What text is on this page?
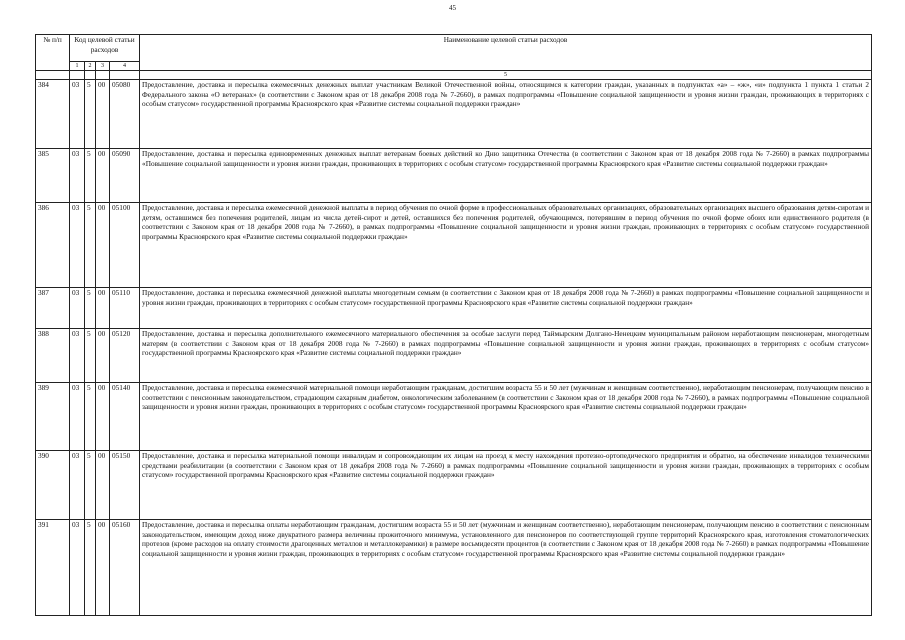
45
№ п/п	Код целевой статьи расходов				Наименование целевой статьи расходов
	1	2	3	4	
					5
384	03	5	00	05080	Предоставление, доставка и пересылка ежемесячных денежных выплат участникам Великой Отечественной войны, относящимся к категории граждан, указанных в подпунктах «а» – «ж», «и» подпункта 1 пункта 1 статьи 2 Федерального закона «О ветеранах» (в соответствии с Законом края от 18 декабря 2008 года № 7-2660), в рамках подпрограммы «Повышение социальной защищенности и уровня жизни граждан, проживающих в территориях с особым статусом» государственной программы Красноярского края «Развитие системы социальной поддержки граждан»
385	03	5	00	05090	Предоставление, доставка и пересылка единовременных денежных выплат ветеранам боевых действий ко Дню защитника Отечества (в соответствии с Законом края от 18 декабря 2008 года № 7-2660) в рамках подпрограммы «Повышение социальной защищенности и уровня жизни граждан, проживающих в территориях с особым статусом» государственной программы Красноярского края «Развитие системы социальной поддержки граждан»
386	03	5	00	05100	Предоставление, доставка и пересылка ежемесячной денежной выплаты в период обучения по очной форме в профессиональных образовательных организациях, образовательных организациях высшего образования детям-сиротам и детям, оставшимся без попечения родителей, лицам из числа детей-сирот и детей, оставшихся без попечения родителей, обучающимся, потерявшим в период обучения по очной форме обоих или единственного родителя (в соответствии с Законом края от 18 декабря 2008 года № 7-2660), в рамках подпрограммы «Повышение социальной защищенности и уровня жизни граждан, проживающих в территориях с особым статусом» государственной программы Красноярского края «Развитие системы социальной поддержки граждан»
387	03	5	00	05110	Предоставление, доставка и пересылка ежемесячной денежной выплаты многодетным семьям (в соответствии с Законом края от 18 декабря 2008 года № 7-2660) в рамках подпрограммы «Повышение социальной защищенности и уровня жизни граждан, проживающих в территориях с особым статусом» государственной программы Красноярского края «Развитие системы социальной поддержки граждан»
388	03	5	00	05120	Предоставление, доставка и пересылка дополнительного ежемесячного материального обеспечения за особые заслуги перед Таймырским Долгано-Ненецким муниципальным районом неработающим пенсионерам, многодетным матерям (в соответствии с Законом края от 18 декабря 2008 года № 7-2660) в рамках подпрограммы «Повышение социальной защищенности и уровня жизни граждан, проживающих в территориях с особым статусом» государственной программы Красноярского края «Развитие системы социальной поддержки граждан»
389	03	5	00	05140	Предоставление, доставка и пересылка ежемесячной материальной помощи неработающим гражданам, достигшим возраста 55 и 50 лет (мужчинам и женщинам соответственно), неработающим пенсионерам, получающим пенсию в соответствии с пенсионным законодательством, страдающим сахарным диабетом, онкологическим заболеванием (в соответствии с Законом края от 18 декабря 2008 года № 7-2660), в рамках подпрограммы «Повышение социальной защищенности и уровня жизни граждан, проживающих в территориях с особым статусом» государственной программы Красноярского края «Развитие системы социальной поддержки граждан»
390	03	5	00	05150	Предоставление, доставка и пересылка материальной помощи инвалидам и сопровождающим их лицам на проезд к месту нахождения протезно-ортопедического предприятия и обратно, на обеспечение инвалидов техническими средствами реабилитации (в соответствии с Законом края от 18 декабря 2008 года № 7-2660) в рамках подпрограммы «Повышение социальной защищенности и уровня жизни граждан, проживающих в территориях с особым статусом» государственной программы Красноярского края «Развитие системы социальной поддержки граждан»
391	03	5	00	05160	Предоставление, доставка и пересылка оплаты неработающим гражданам, достигшим возраста 55 и 50 лет (мужчинам и женщинам соответственно), неработающим пенсионерам, получающим пенсию в соответствии с пенсионным законодательством, имеющим доход ниже двукратного размера величины прожиточного минимума, установленного для пенсионеров по соответствующей группе территорий Красноярского края, изготовления стоматологических протезов (кроме расходов на оплату стоимости драгоценных металлов и металлокерамики) в размере восьмидесяти процентов (в соответствии с Законом края от 18 декабря 2008 года № 7-2660) в рамках подпрограммы «Повышение социальной защищенности и уровня жизни граждан, проживающих в территориях с особым статусом» государственной программы Красноярского края «Развитие системы социальной поддержки граждан»
